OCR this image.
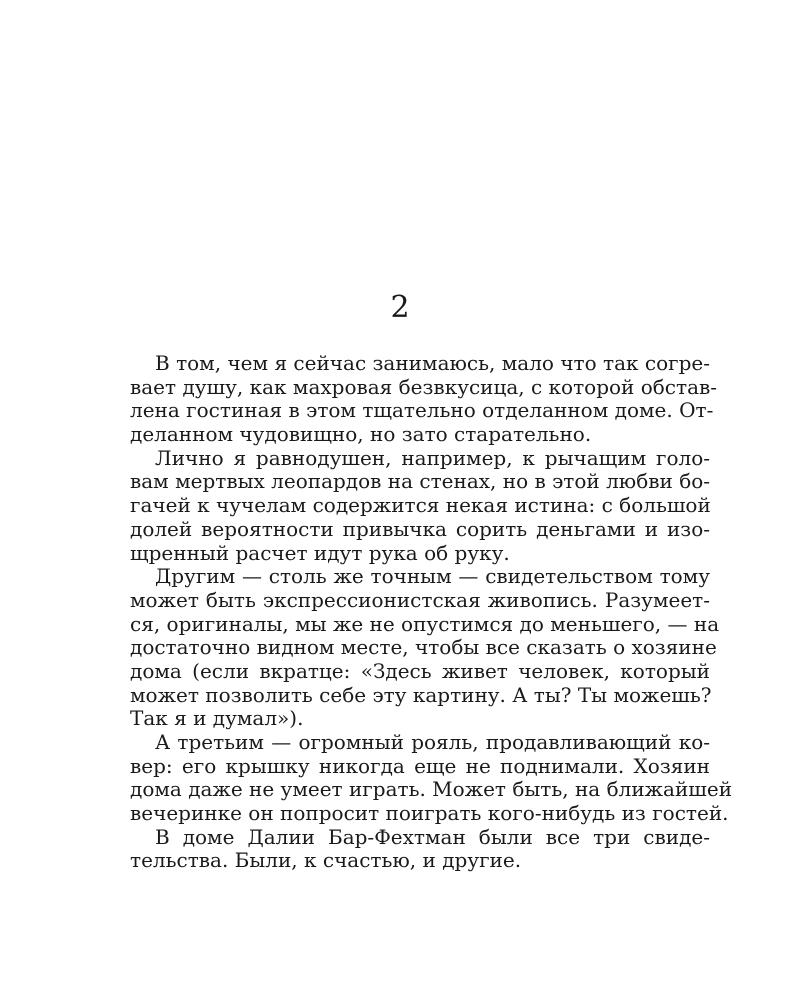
2
В том, чем я сейчас занимаюсь, мало что так согре-
вает душу, как махровая безвкусица, с которой обстав-
лена гостиная в этом тщательно отделанном доме. От-
деланном чудовищно, но зато старательно.
Лично я равнодушен, например, к рычащим голо-
вам мертвых леопардов на стенах, но в этой любви бо-
гачей к чучелам содержится некая истина: с большой
долей вероятности привычка сорить деньгами и изо-
щренный расчет идут рука об руку.
Другим — столь же точным — свидетельством тому
может быть экспрессионистская живопись. Разумеет-
ся, оригиналы, мы же не опустимся до меньшего, — на
достаточно видном месте, чтобы все сказать о хозяине
дома (если вкратце: «Здесь живет человек, который
может позволить себе эту картину. А ты? Ты можешь?
Так я и думал»).
А третьим — огромный рояль, продавливающий ко-
вер: его крышку никогда еще не поднимали. Хозяин
дома даже не умеет играть. Может быть, на ближайшей
вечеринке он попросит поиграть кого-нибудь из гостей.
В доме Далии Бар-Фехтман были все три свиде-
тельства. Были, к счастью, и другие.
